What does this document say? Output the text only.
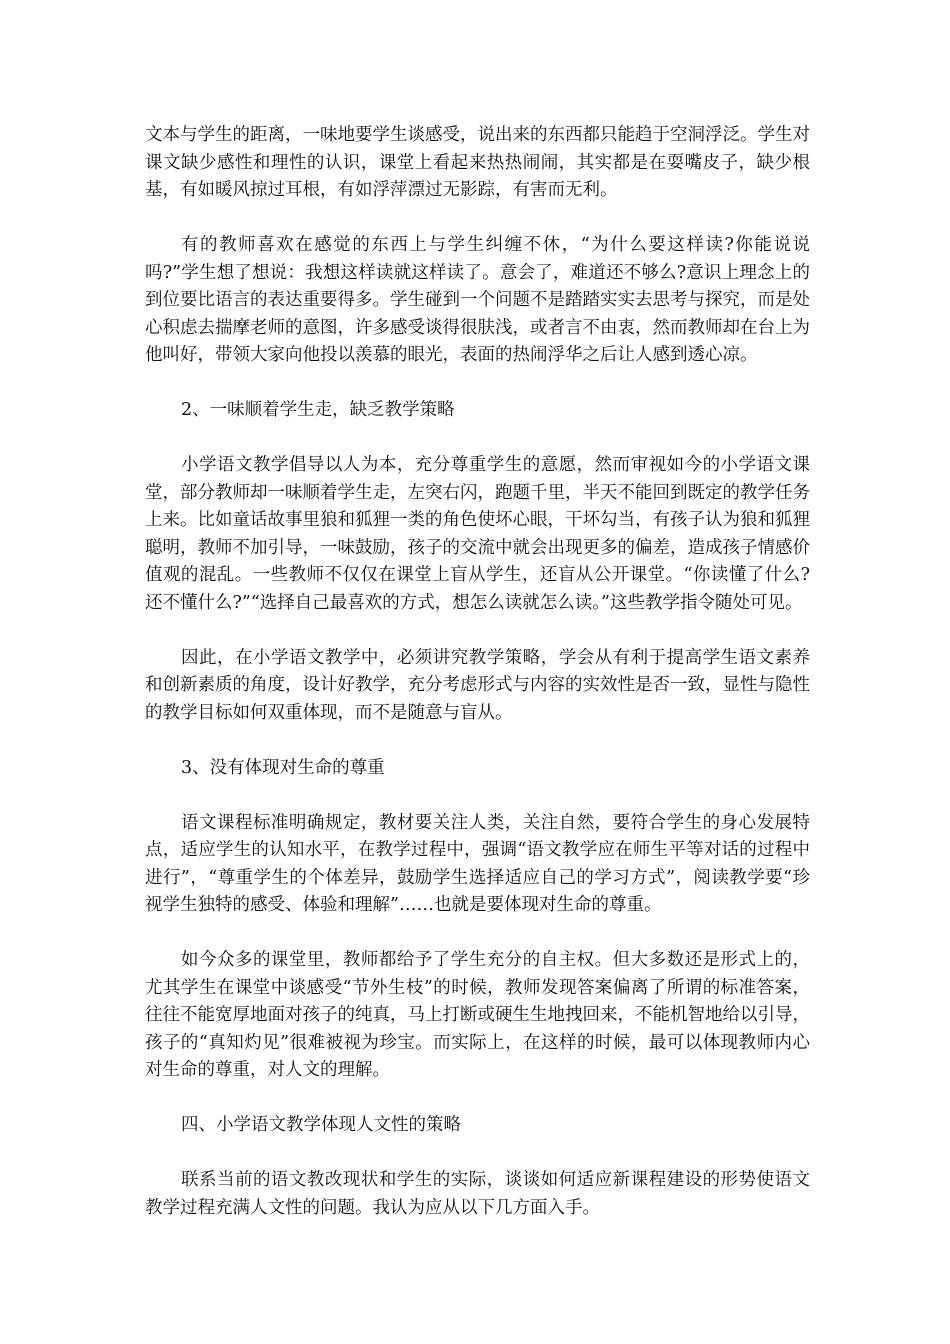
文本与学生的距离，一味地要学生谈感受，说出来的东西都只能趋于空洞浮泛。学生对课文缺少感性和理性的认识，课堂上看起来热热闹闹，其实都是在耍嘴皮子，缺少根基，有如暖风掠过耳根，有如浮萍漂过无影踪，有害而无利。

有的教师喜欢在感觉的东西上与学生纠缠不休，“为什么要这样读?你能说说吗?”学生想了想说：我想这样读就这样读了。意会了，难道还不够么?意识上理念上的到位要比语言的表达重要得多。学生碰到一个问题不是踏踏实实去思考与探究，而是处心积虑去揣摩老师的意图，许多感受谈得很肤浅，或者言不由衷，然而教师却在台上为他叫好，带领大家向他投以羡慕的眼光，表面的热闹浮华之后让人感到透心凉。

2、一味顺着学生走，缺乏教学策略

小学语文教学倡导以人为本，充分尊重学生的意愿，然而审视如今的小学语文课堂，部分教师却一味顺着学生走，左突右闪，跑题千里，半天不能回到既定的教学任务上来。比如童话故事里狼和狐狸一类的角色使坏心眼，干坏勾当，有孩子认为狼和狐狸聪明，教师不加引导，一味鼓励，孩子的交流中就会出现更多的偏差，造成孩子情感价值观的混乱。一些教师不仅仅在课堂上盲从学生，还盲从公开课堂。“你读懂了什么?还不懂什么?”“选择自己最喜欢的方式，想怎么读就怎么读。”这些教学指令随处可见。

因此，在小学语文教学中，必须讲究教学策略，学会从有利于提高学生语文素养和创新素质的角度，设计好教学，充分考虑形式与内容的实效性是否一致，显性与隐性的教学目标如何双重体现，而不是随意与盲从。

3、没有体现对生命的尊重

语文课程标准明确规定，教材要关注人类，关注自然，要符合学生的身心发展特点，适应学生的认知水平，在教学过程中，强调“语文教学应在师生平等对话的过程中进行”，“尊重学生的个体差异，鼓励学生选择适应自己的学习方式”，阅读教学要“珍视学生独特的感受、体验和理解”……也就是要体现对生命的尊重。

如今众多的课堂里，教师都给予了学生充分的自主权。但大多数还是形式上的，尤其学生在课堂中谈感受“节外生枝”的时候，教师发现答案偏离了所谓的标准答案，往往不能宽厚地面对孩子的纯真，马上打断或硬生生地拽回来，不能机智地给以引导，孩子的“真知灼见”很难被视为珍宝。而实际上，在这样的时候，最可以体现教师内心对生命的尊重，对人文的理解。

四、小学语文教学体现人文性的策略

联系当前的语文教改现状和学生的实际，谈谈如何适应新课程建设的形势使语文教学过程充满人文性的问题。我认为应从以下几方面入手。
